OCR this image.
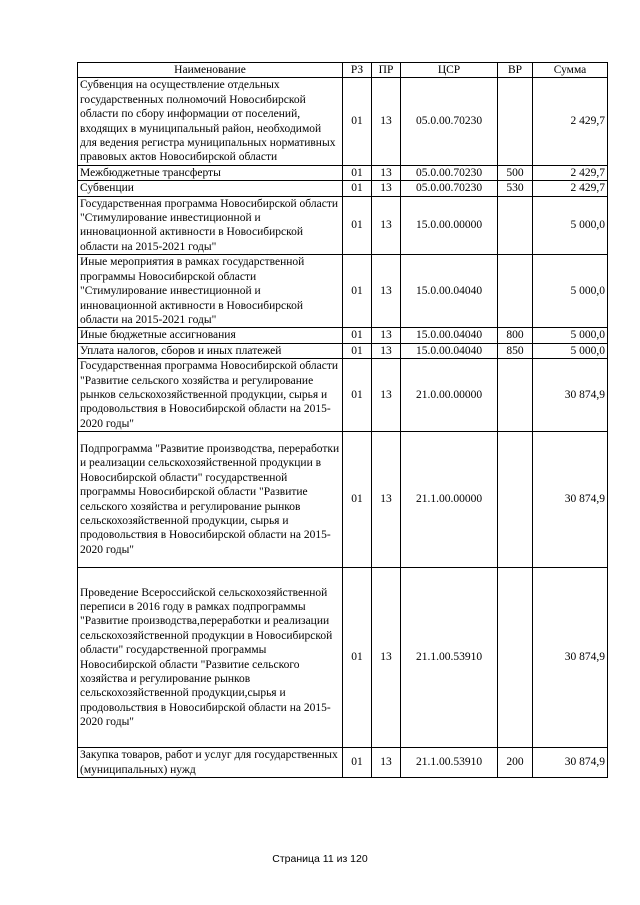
Наименование	РЗ	ПР	ЦСР	ВР	Сумма
Субвенция на осуществление отдельных государственных полномочий Новосибирской области по сбору информации от поселений, входящих в муниципальный район, необходимой для ведения регистра муниципальных нормативных правовых актов Новосибирской области	01	13	05.0.00.70230		2 429,7
Межбюджетные трансферты	01	13	05.0.00.70230	500	2 429,7
Субвенции	01	13	05.0.00.70230	530	2 429,7
Государственная программа Новосибирской области "Стимулирование инвестиционной и инновационной активности в Новосибирской области на 2015-2021 годы"	01	13	15.0.00.00000		5 000,0
Иные мероприятия в рамках государственной программы Новосибирской области "Стимулирование инвестиционной и инновационной активности в Новосибирской области на 2015-2021 годы"	01	13	15.0.00.04040		5 000,0
Иные бюджетные ассигнования	01	13	15.0.00.04040	800	5 000,0
Уплата налогов, сборов и иных платежей	01	13	15.0.00.04040	850	5 000,0
Государственная программа Новосибирской области "Развитие сельского хозяйства и регулирование рынков сельскохозяйственной продукции, сырья и продовольствия в Новосибирской области на 2015-2020 годы"	01	13	21.0.00.00000		30 874,9
Подпрограмма "Развитие производства, переработки и реализации сельскохозяйственной продукции в Новосибирской области" государственной программы Новосибирской области "Развитие сельского хозяйства и регулирование рынков сельскохозяйственной продукции, сырья и продовольствия в Новосибирской области на 2015-2020 годы"	01	13	21.1.00.00000		30 874,9
Проведение Всероссийской сельскохозяйственной переписи в 2016 году в рамках подпрограммы "Развитие производства,переработки и реализации сельскохозяйственной продукции в Новосибирской области" государственной программы Новосибирской области "Развитие сельского хозяйства и регулирование рынков сельскохозяйственной продукции,сырья и продовольствия в Новосибирской области на 2015-2020 годы"	01	13	21.1.00.53910		30 874,9
Закупка товаров, работ и услуг для государственных (муниципальных) нужд	01	13	21.1.00.53910	200	30 874,9
Страница 11 из 120
